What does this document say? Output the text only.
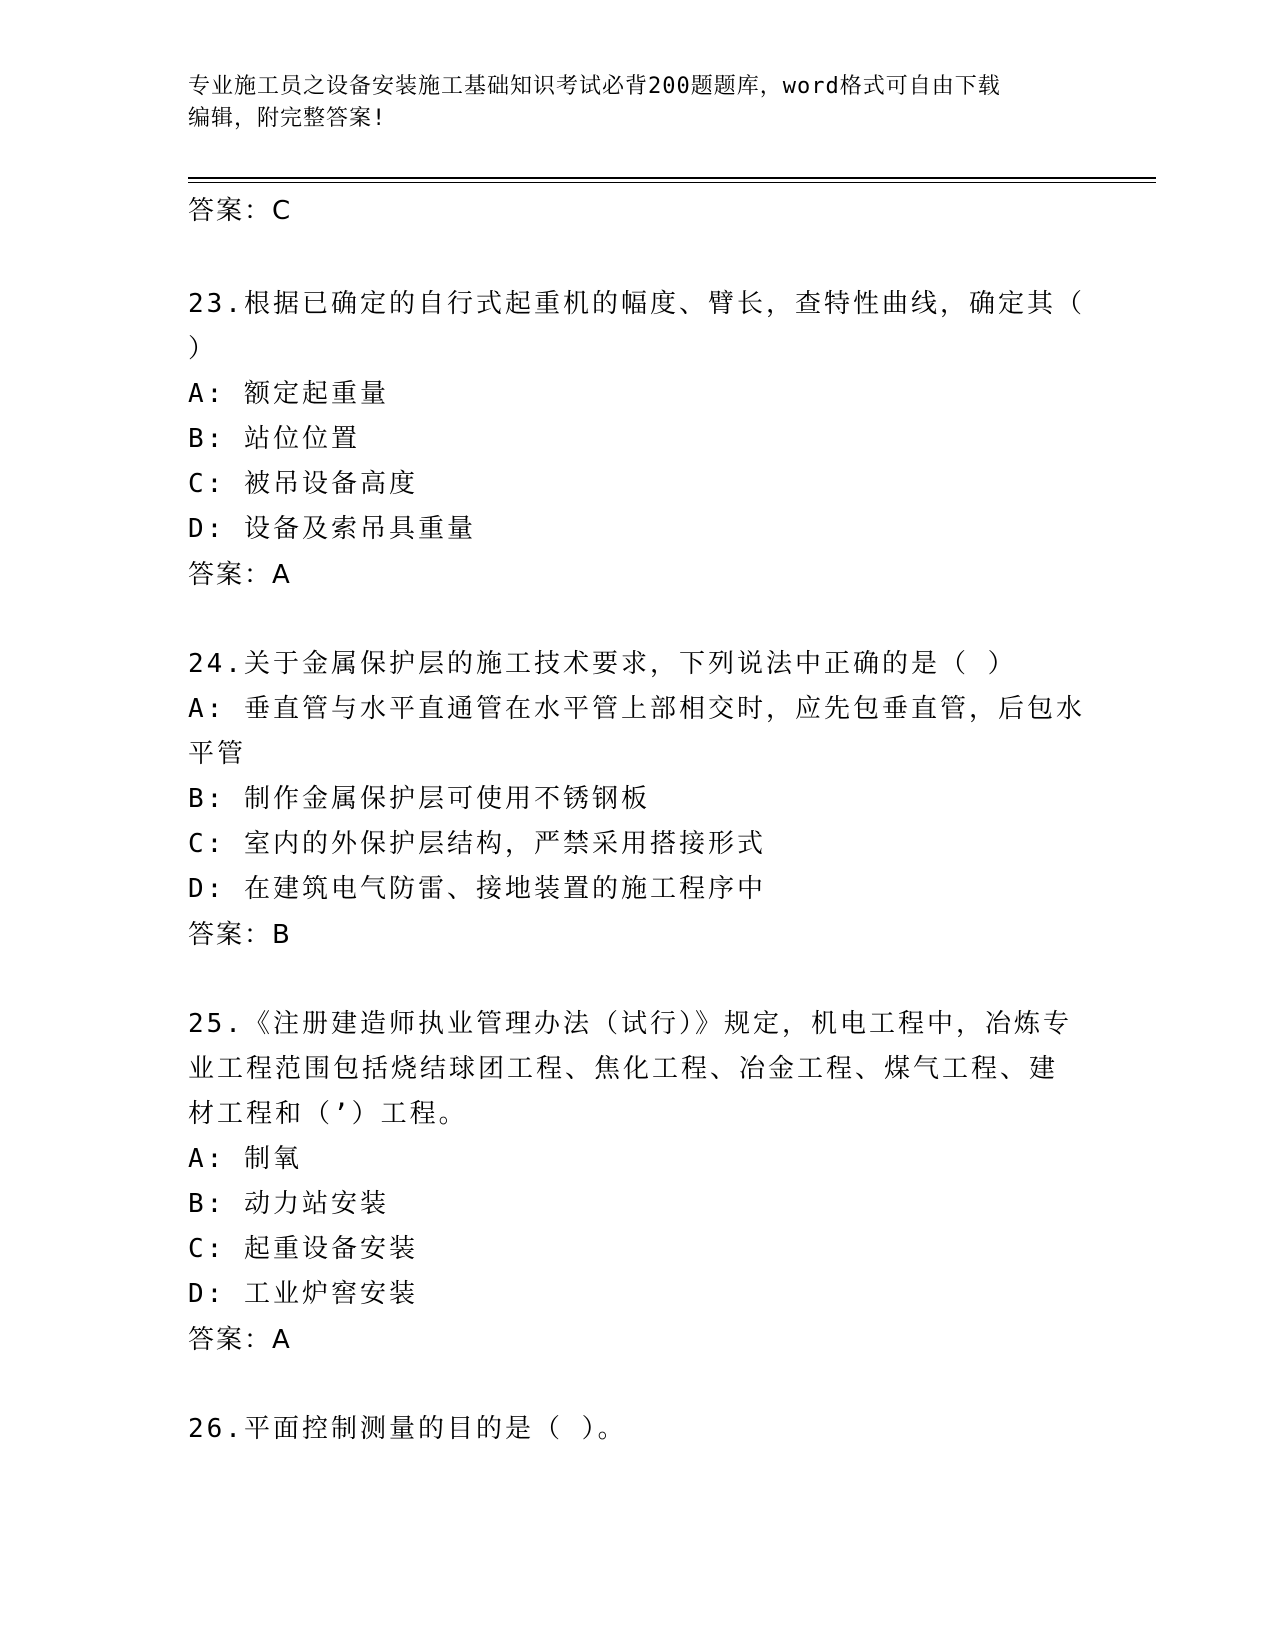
专业施工员之设备安装施工基础知识考试必背200题题库，word格式可自由下载
编辑，附完整答案!
答案：C
23.根据已确定的自行式起重机的幅度、臂长，查特性曲线，确定其（
）
A: 额定起重量
B: 站位位置
C: 被吊设备高度
D: 设备及索吊具重量
答案：A
24.关于金属保护层的施工技术要求，下列说法中正确的是（ ）
A: 垂直管与水平直通管在水平管上部相交时，应先包垂直管，后包水
平管
B: 制作金属保护层可使用不锈钢板
C: 室内的外保护层结构，严禁采用搭接形式
D: 在建筑电气防雷、接地装置的施工程序中
答案：B
25.《注册建造师执业管理办法（试行）》规定，机电工程中，冶炼专
业工程范围包括烧结球团工程、焦化工程、冶金工程、煤气工程、建
材工程和（’）工程。
A: 制氧
B: 动力站安装
C: 起重设备安装
D: 工业炉窖安装
答案：A
26.平面控制测量的目的是（ ）。
